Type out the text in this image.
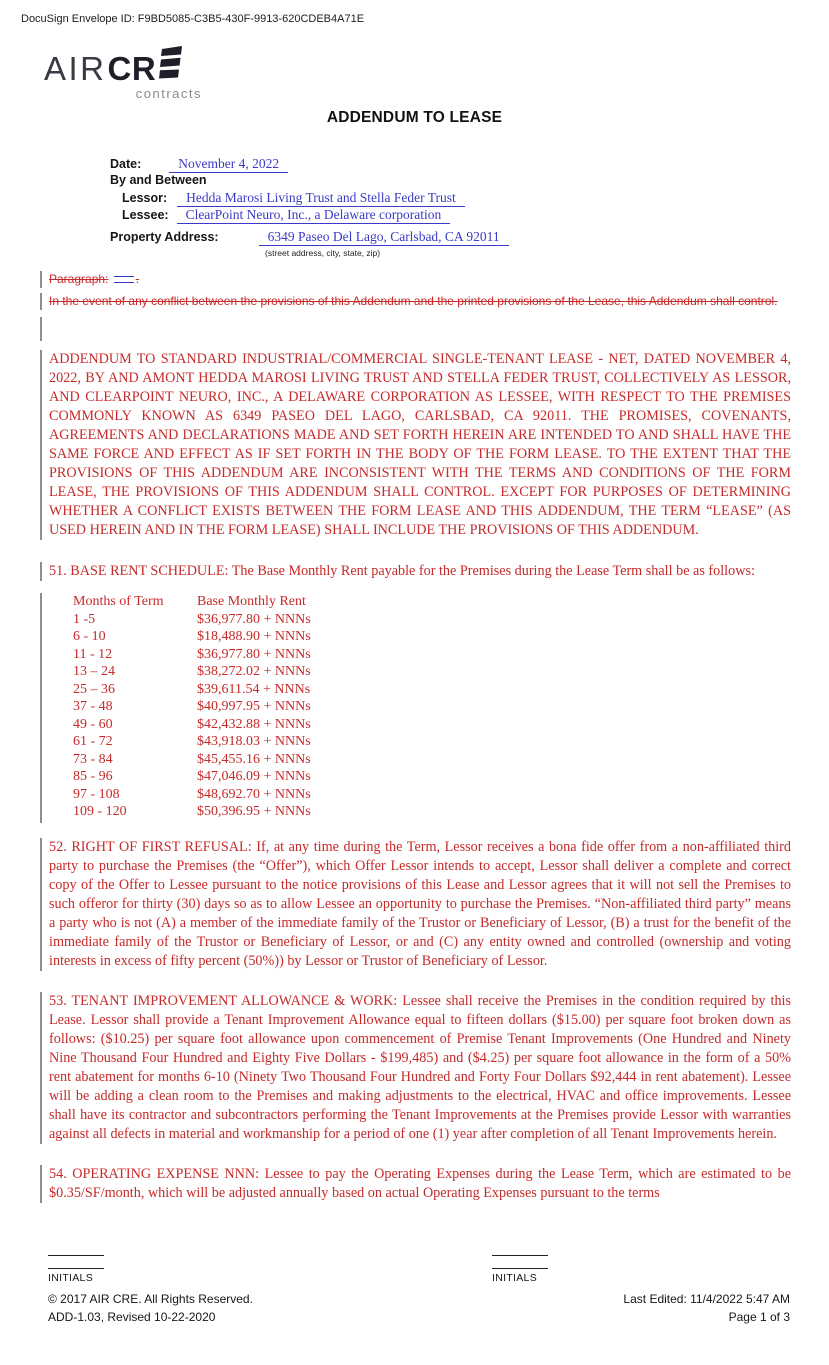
DocuSign Envelope ID: F9BD5085-C3B5-430F-9913-620CDEB4A71E
AIR CR
contracts
ADDENDUM TO LEASE
Date:	November 4, 2022
By and Between
Lessor:	Hedda Marosi Living Trust and Stella Feder Trust
Lessee:	ClearPoint Neuro, Inc., a Delaware corporation
Property Address:	6349 Paseo Del Lago, Carlsbad, CA 92011
(street address, city, state, zip)
Paragraph: .
In the event of any conflict between the provisions of this Addendum and the printed provisions of the Lease, this Addendum shall control.

ADDENDUM TO STANDARD INDUSTRIAL/COMMERCIAL SINGLE-TENANT LEASE - NET, DATED NOVEMBER 4, 2022, BY AND AMONT HEDDA MAROSI LIVING TRUST AND STELLA FEDER TRUST, COLLECTIVELY AS LESSOR, AND CLEARPOINT NEURO, INC., A DELAWARE CORPORATION AS LESSEE, WITH RESPECT TO THE PREMISES COMMONLY KNOWN AS 6349 PASEO DEL LAGO, CARLSBAD, CA 92011. THE PROMISES, COVENANTS, AGREEMENTS AND DECLARATIONS MADE AND SET FORTH HEREIN ARE INTENDED TO AND SHALL HAVE THE SAME FORCE AND EFFECT AS IF SET FORTH IN THE BODY OF THE FORM LEASE. TO THE EXTENT THAT THE PROVISIONS OF THIS ADDENDUM ARE INCONSISTENT WITH THE TERMS AND CONDITIONS OF THE FORM LEASE, THE PROVISIONS OF THIS ADDENDUM SHALL CONTROL. EXCEPT FOR PURPOSES OF DETERMINING WHETHER A CONFLICT EXISTS BETWEEN THE FORM LEASE AND THIS ADDENDUM, THE TERM “LEASE” (AS USED HEREIN AND IN THE FORM LEASE) SHALL INCLUDE THE PROVISIONS OF THIS ADDENDUM.

51. BASE RENT SCHEDULE: The Base Monthly Rent payable for the Premises during the Lease Term shall be as follows:

Months of Term	Base Monthly Rent
1 -5	$36,977.80 + NNNs
6 - 10	$18,488.90 + NNNs
11 - 12	$36,977.80 + NNNs
13 – 24	$38,272.02 + NNNs
25 – 36	$39,611.54 + NNNs
37 - 48	$40,997.95 + NNNs
49 - 60	$42,432.88 + NNNs
61 - 72	$43,918.03 + NNNs
73 - 84	$45,455.16 + NNNs
85 - 96	$47,046.09 + NNNs
97 - 108	$48,692.70 + NNNs
109 - 120	$50,396.95 + NNNs

52. RIGHT OF FIRST REFUSAL: If, at any time during the Term, Lessor receives a bona fide offer from a non-affiliated third party to purchase the Premises (the “Offer”), which Offer Lessor intends to accept, Lessor shall deliver a complete and correct copy of the Offer to Lessee pursuant to the notice provisions of this Lease and Lessor agrees that it will not sell the Premises to such offeror for thirty (30) days so as to allow Lessee an opportunity to purchase the Premises. “Non-affiliated third party” means a party who is not (A) a member of the immediate family of the Trustor or Beneficiary of Lessor, (B) a trust for the benefit of the immediate family of the Trustor or Beneficiary of Lessor, or and (C) any entity owned and controlled (ownership and voting interests in excess of fifty percent (50%)) by Lessor or Trustor of Beneficiary of Lessor.

53. TENANT IMPROVEMENT ALLOWANCE & WORK: Lessee shall receive the Premises in the condition required by this Lease. Lessor shall provide a Tenant Improvement Allowance equal to fifteen dollars ($15.00) per square foot broken down as follows: ($10.25) per square foot allowance upon commencement of Premise Tenant Improvements (One Hundred and Ninety Nine Thousand Four Hundred and Eighty Five Dollars - $199,485) and ($4.25) per square foot allowance in the form of a 50% rent abatement for months 6-10 (Ninety Two Thousand Four Hundred and Forty Four Dollars $92,444 in rent abatement). Lessee will be adding a clean room to the Premises and making adjustments to the electrical, HVAC and office improvements. Lessee shall have its contractor and subcontractors performing the Tenant Improvements at the Premises provide Lessor with warranties against all defects in material and workmanship for a period of one (1) year after completion of all Tenant Improvements herein.

54. OPERATING EXPENSE NNN: Lessee to pay the Operating Expenses during the Lease Term, which are estimated to be $0.35/SF/month, which will be adjusted annually based on actual Operating Expenses pursuant to the terms

INITIALS	INITIALS
© 2017 AIR CRE. All Rights Reserved.
ADD-1.03, Revised 10-22-2020
Last Edited: 11/4/2022 5:47 AM
Page 1 of 3
